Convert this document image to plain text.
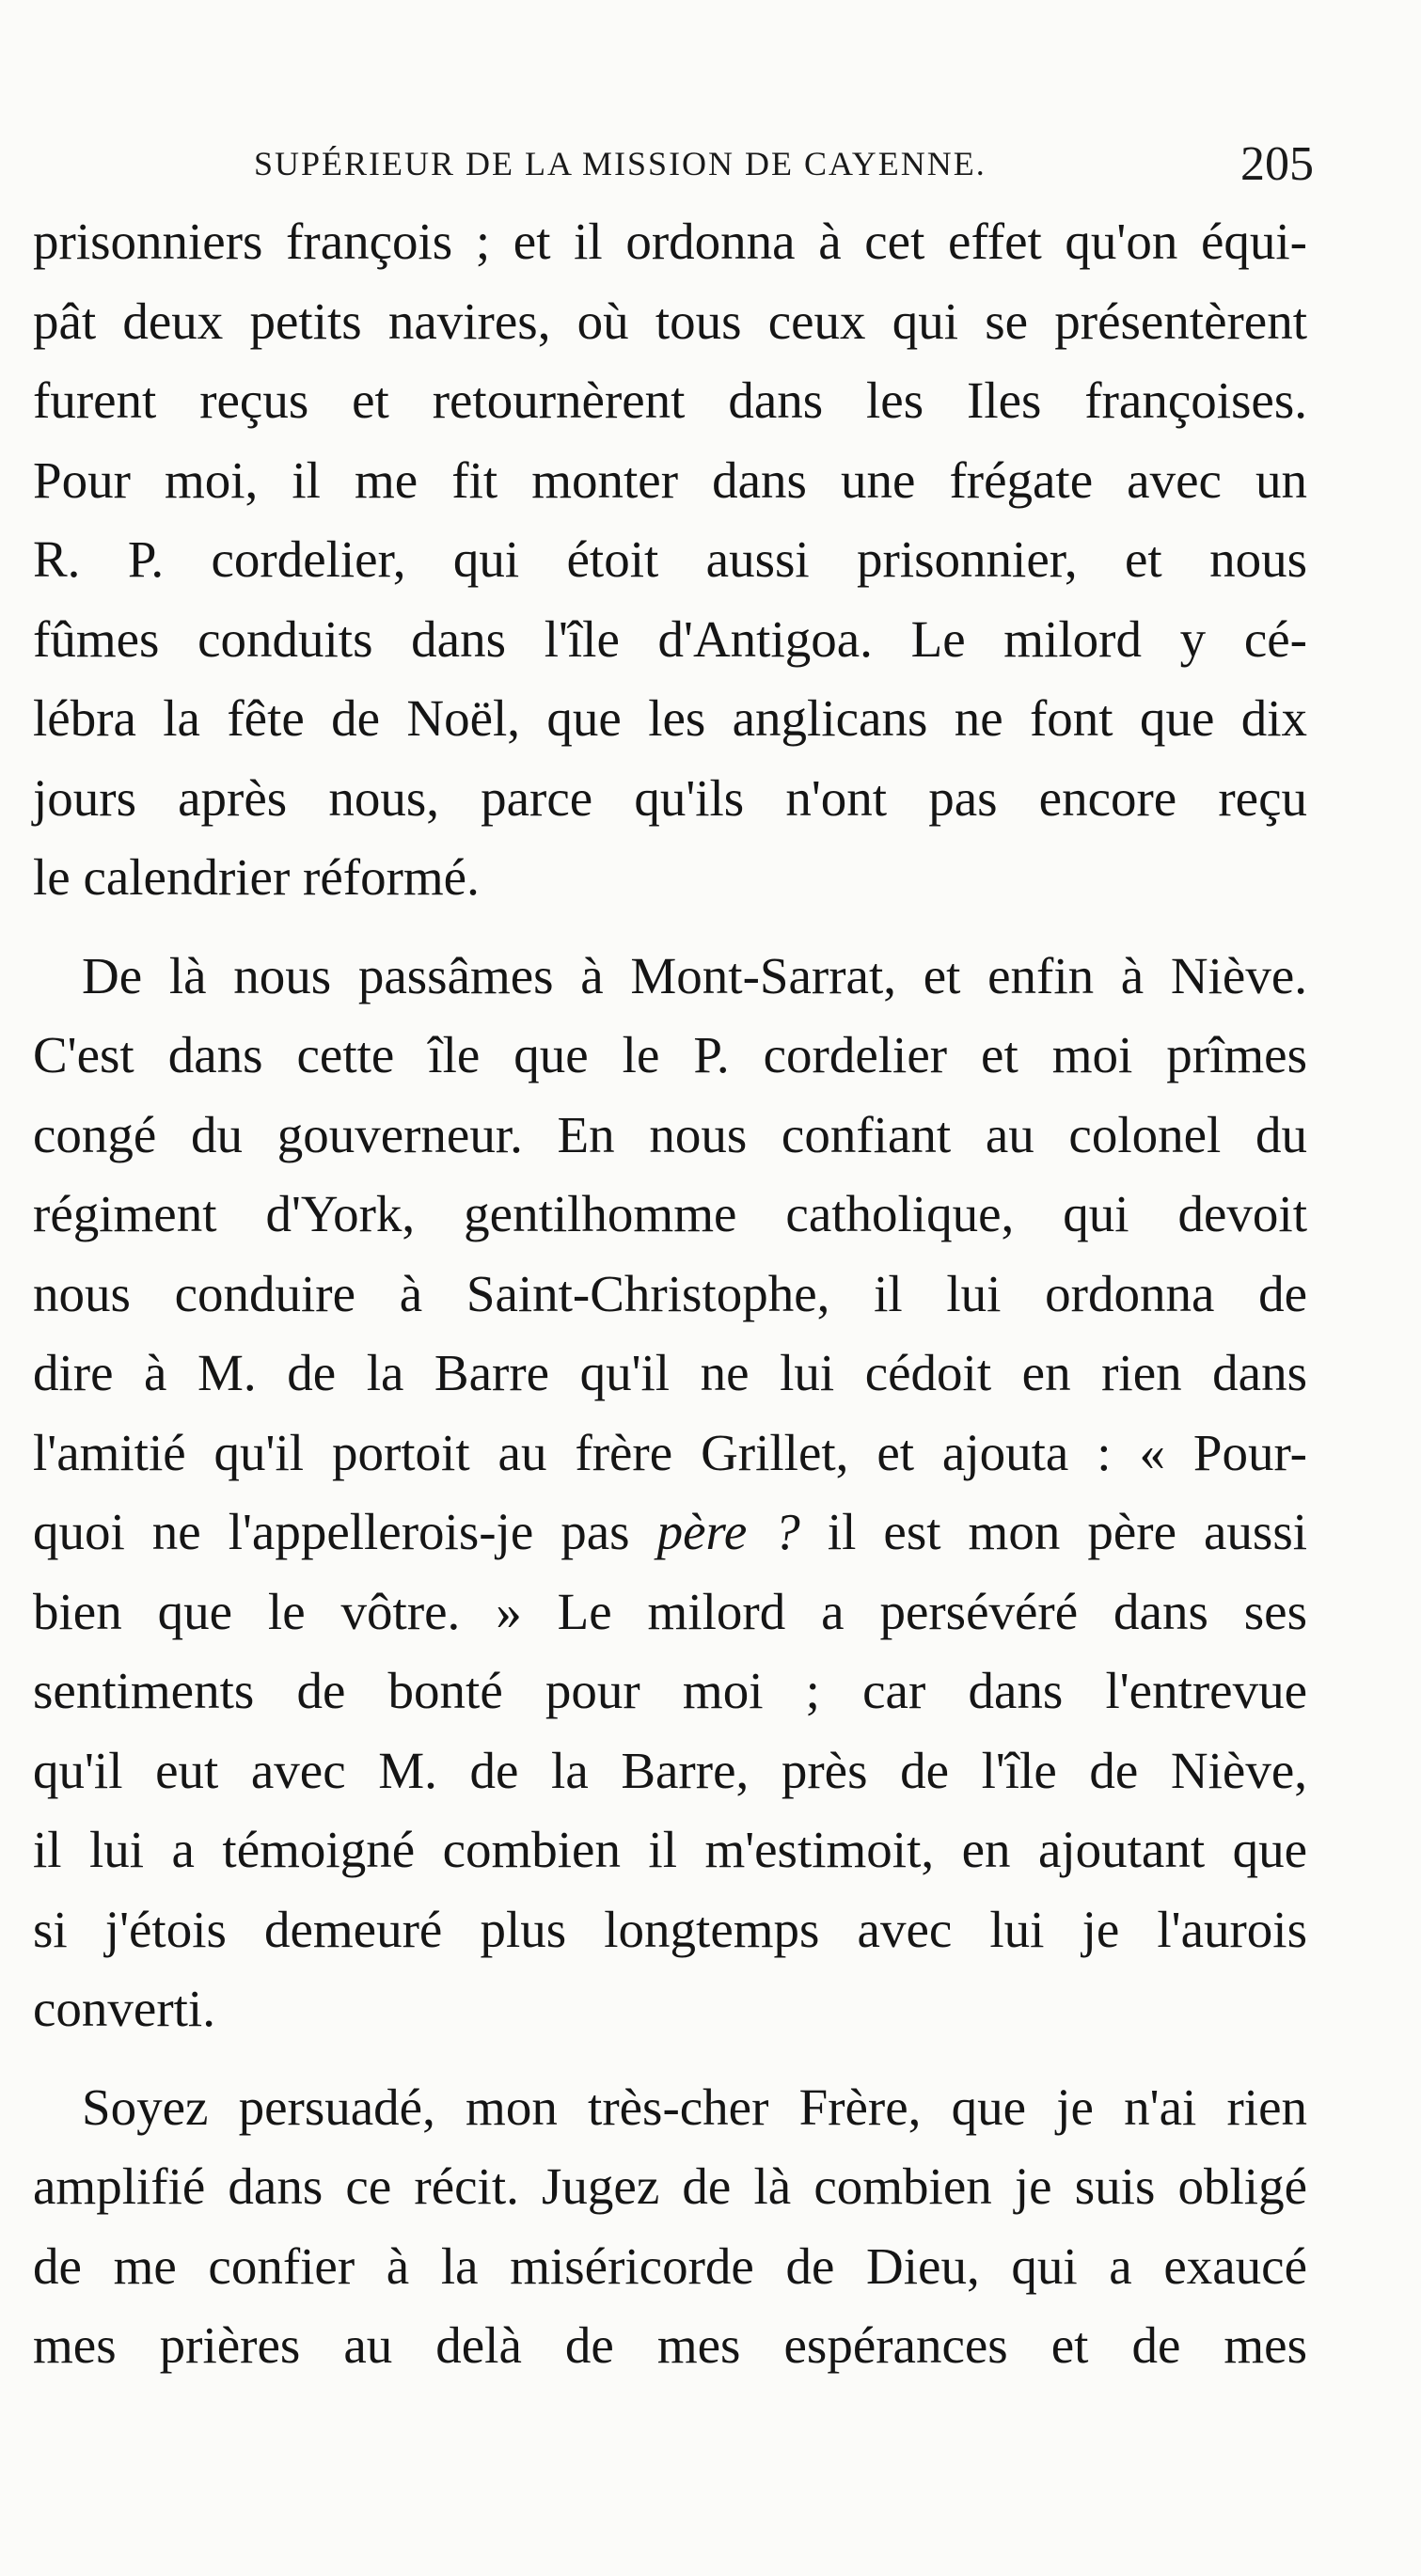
SUPÉRIEUR DE LA MISSION DE CAYENNE.	205
prisonniers françois ; et il ordonna à cet effet qu'on équi-
pât deux petits navires, où tous ceux qui se présentèrent
furent reçus et retournèrent dans les Iles françoises.
Pour moi, il me fit monter dans une frégate avec un
R. P. cordelier, qui étoit aussi prisonnier, et nous
fûmes conduits dans l'île d'Antigoa. Le milord y cé-
lébra la fête de Noël, que les anglicans ne font que dix
jours après nous, parce qu'ils n'ont pas encore reçu
le calendrier réformé.
De là nous passâmes à Mont-Sarrat, et enfin à Nièvе.
C'est dans cette île que le P. cordelier et moi prîmes
congé du gouverneur. En nous confiant au colonel du
régiment d'York, gentilhomme catholique, qui devoit
nous conduire à Saint-Christophe, il lui ordonna de
dire à M. de la Barre qu'il ne lui cédoit en rien dans
l'amitié qu'il portoit au frère Grillet, et ajouta : « Pour-
quoi ne l'appellerois-je pas père ? il est mon père aussi
bien que le vôtre. » Le milord a persévéré dans ses
sentiments de bonté pour moi ; car dans l'entrevue
qu'il eut avec M. de la Barre, près de l'île de Nièvе,
il lui a témoigné combien il m'estimoit, en ajoutant que
si j'étois demeuré plus longtemps avec lui je l'aurois
converti.
Soyez persuadé, mon très-cher Frère, que je n'ai rien
amplifié dans ce récit. Jugez de là combien je suis obligé
de me confier à la miséricorde de Dieu, qui a exaucé
mes prières au delà de mes espérances et de mes
